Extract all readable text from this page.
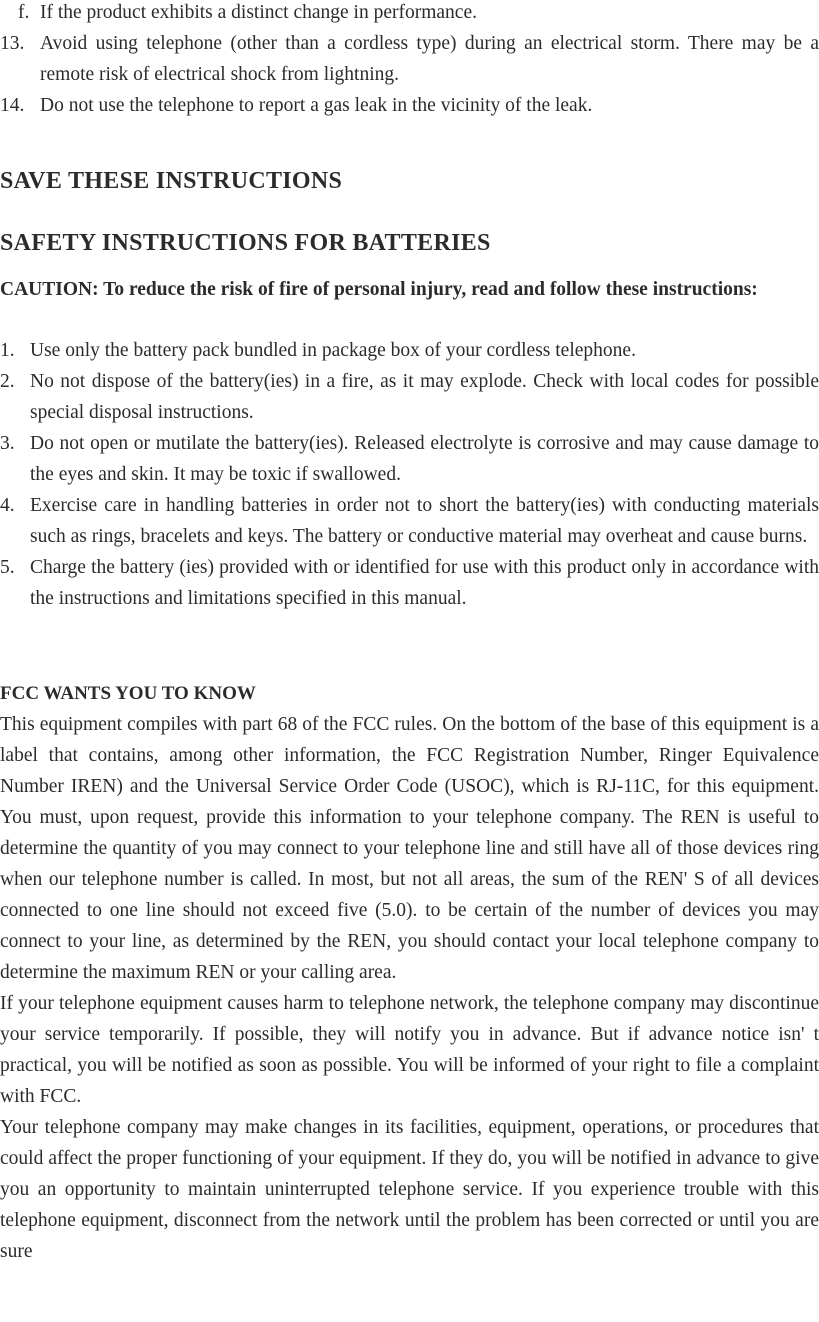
f. If the product exhibits a distinct change in performance.
13. Avoid using telephone (other than a cordless type) during an electrical storm. There may be a remote risk of electrical shock from lightning.
14. Do not use the telephone to report a gas leak in the vicinity of the leak.
SAVE THESE INSTRUCTIONS
SAFETY INSTRUCTIONS FOR BATTERIES

CAUTION: To reduce the risk of fire of personal injury, read and follow these instructions:

1. Use only the battery pack bundled in package box of your cordless telephone.
2. No not dispose of the battery(ies) in a fire, as it may explode. Check with local codes for possible special disposal instructions.
3. Do not open or mutilate the battery(ies). Released electrolyte is corrosive and may cause damage to the eyes and skin. It may be toxic if swallowed.
4. Exercise care in handling batteries in order not to short the battery(ies) with conducting materials such as rings, bracelets and keys. The battery or conductive material may overheat and cause burns.
5. Charge the battery (ies) provided with or identified for use with this product only in accordance with the instructions and limitations specified in this manual.
FCC WANTS YOU TO KNOW

This equipment compiles with part 68 of the FCC rules. On the bottom of the base of this equipment is a label that contains, among other information, the FCC Registration Number, Ringer Equivalence Number IREN) and the Universal Service Order Code (USOC), which is RJ-11C, for this equipment. You must, upon request, provide this information to your telephone company. The REN is useful to determine the quantity of you may connect to your telephone line and still have all of those devices ring when our telephone number is called. In most, but not all areas, the sum of the REN' S of all devices connected to one line should not exceed five (5.0). to be certain of the number of devices you may connect to your line, as determined by the REN, you should contact your local telephone company to determine the maximum REN or your calling area.

If your telephone equipment causes harm to telephone network, the telephone company may discontinue your service temporarily. If possible, they will notify you in advance. But if advance notice isn' t practical, you will be notified as soon as possible. You will be informed of your right to file a complaint with FCC.

Your telephone company may make changes in its facilities, equipment, operations, or procedures that could affect the proper functioning of your equipment. If they do, you will be notified in advance to give you an opportunity to maintain uninterrupted telephone service. If you experience trouble with this telephone equipment, disconnect from the network until the problem has been corrected or until you are sure
